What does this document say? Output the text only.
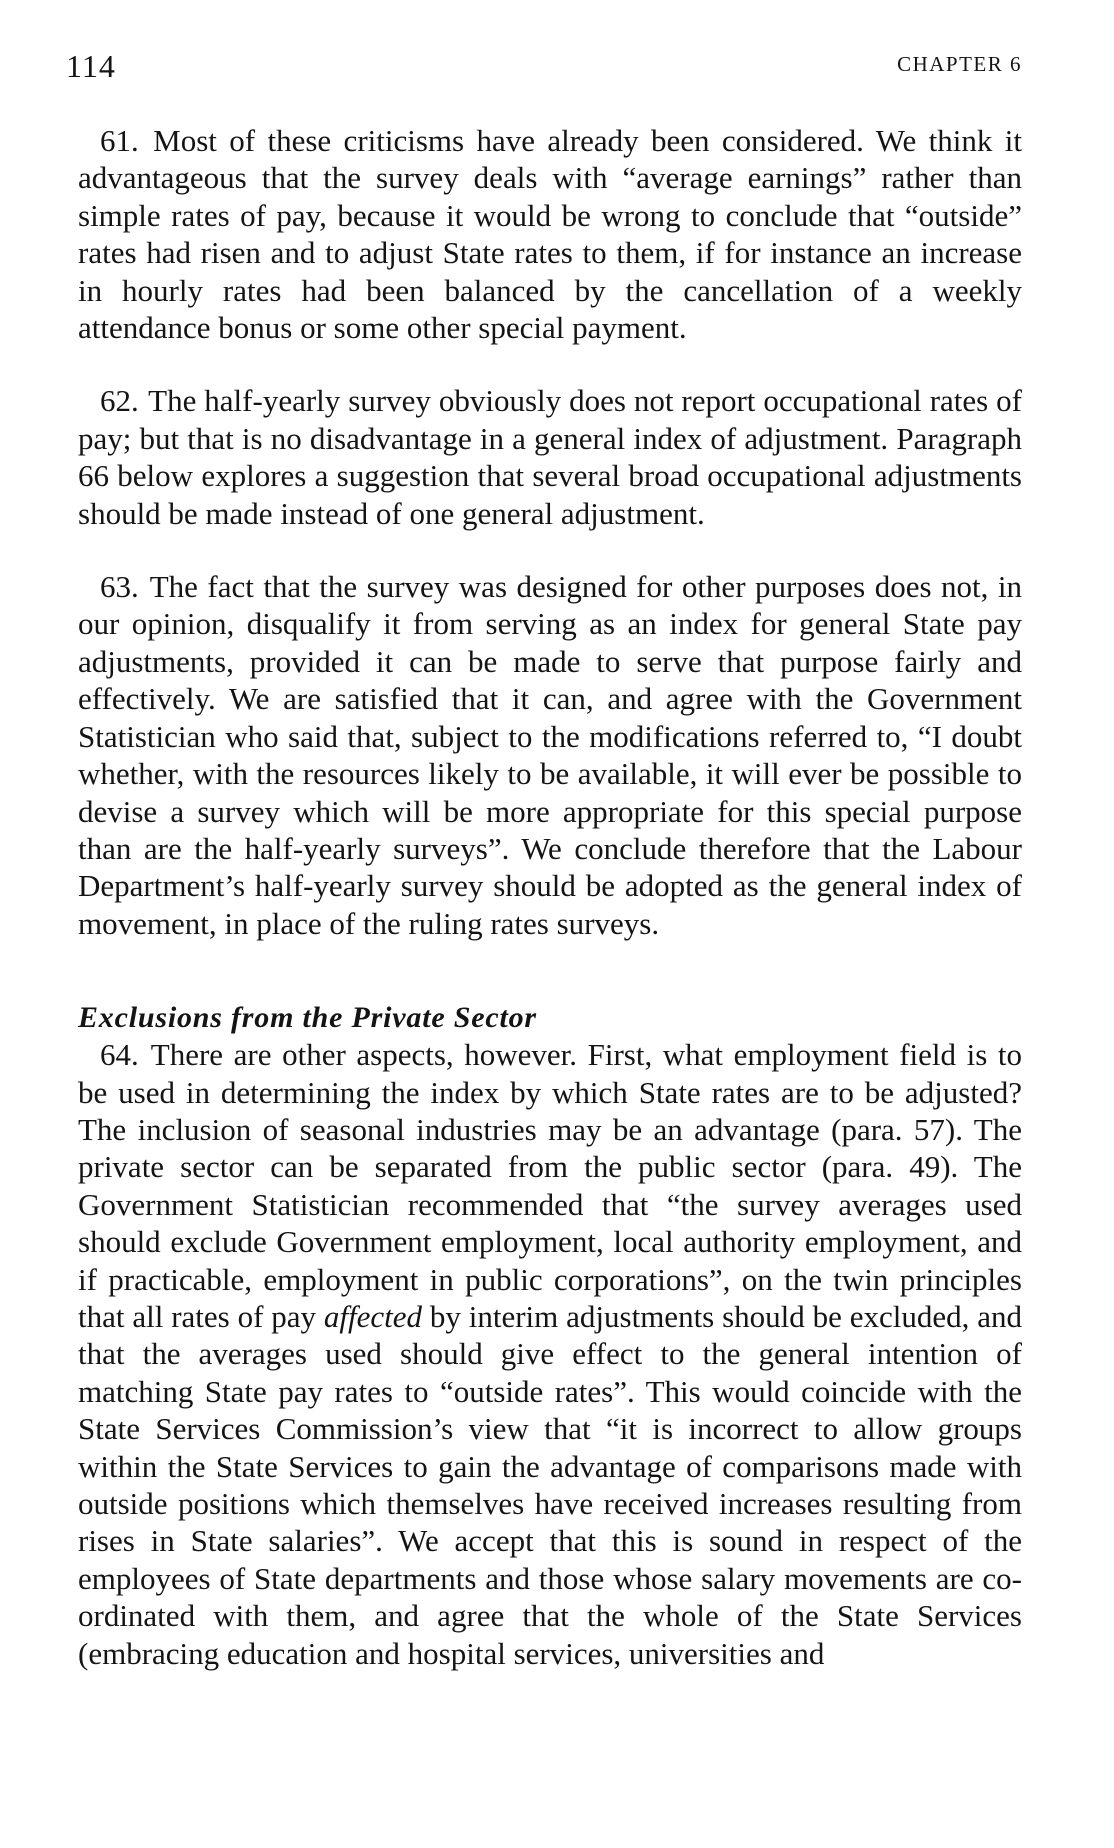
114	CHAPTER 6

61. Most of these criticisms have already been considered. We think it advantageous that the survey deals with “average earnings” rather than simple rates of pay, because it would be wrong to conclude that “outside” rates had risen and to adjust State rates to them, if for instance an increase in hourly rates had been balanced by the cancellation of a weekly attendance bonus or some other special payment.

62. The half-yearly survey obviously does not report occupational rates of pay; but that is no disadvantage in a general index of adjustment. Paragraph 66 below explores a suggestion that several broad occupational adjustments should be made instead of one general adjustment.

63. The fact that the survey was designed for other purposes does not, in our opinion, disqualify it from serving as an index for general State pay adjustments, provided it can be made to serve that purpose fairly and effectively. We are satisfied that it can, and agree with the Government Statistician who said that, subject to the modifications referred to, “I doubt whether, with the resources likely to be available, it will ever be possible to devise a survey which will be more appropriate for this special purpose than are the half-yearly surveys”. We conclude therefore that the Labour Department’s half-yearly survey should be adopted as the general index of movement, in place of the ruling rates surveys.

Exclusions from the Private Sector

64. There are other aspects, however. First, what employment field is to be used in determining the index by which State rates are to be adjusted? The inclusion of seasonal industries may be an advantage (para. 57). The private sector can be separated from the public sector (para. 49). The Government Statistician recommended that “the survey averages used should exclude Government employment, local authority employment, and if practicable, employment in public corporations”, on the twin principles that all rates of pay affected by interim adjustments should be excluded, and that the averages used should give effect to the general intention of matching State pay rates to “outside rates”. This would coincide with the State Services Commission’s view that “it is incorrect to allow groups within the State Services to gain the advantage of comparisons made with outside positions which themselves have received increases resulting from rises in State salaries”. We accept that this is sound in respect of the employees of State departments and those whose salary movements are co-ordinated with them, and agree that the whole of the State Services (embracing education and hospital services, universities and
